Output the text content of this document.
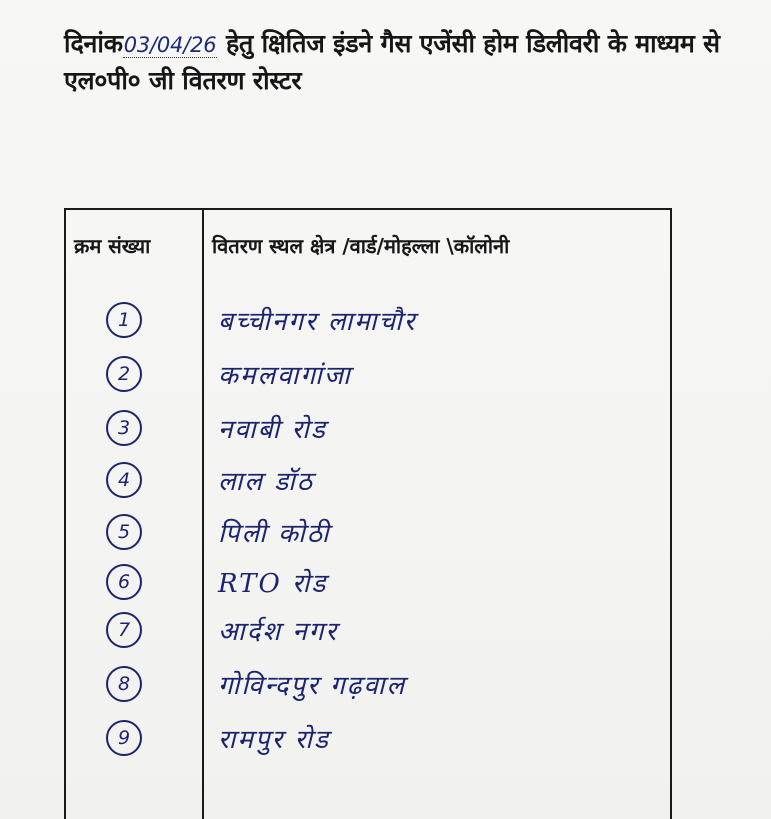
दिनांक03/04/26 हेतु क्षितिज इंडने गैस एजेंसी होम डिलीवरी के माध्यम से एल०पी० जी वितरण रोस्टर
क्रम संख्या	वितरण स्थल क्षेत्र /वार्ड/मोहल्ला \कॉलोनी
1	बच्चीनगर लामाचौर
2	कमलवागांजा
3	नवाबी रोड
4	लाल डॉठ
5	पिली कोठी
6	RTO रोड
7	आर्दश नगर
8	गोविन्दपुर गढ़वाल
9	रामपुर रोड
